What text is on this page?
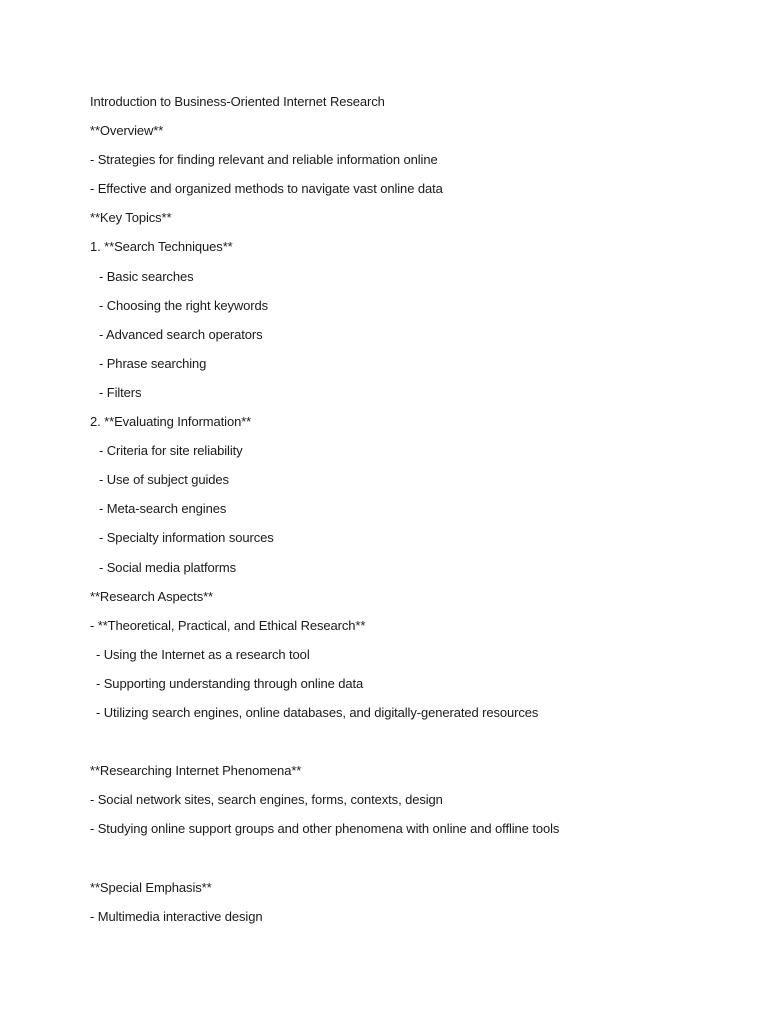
Introduction to Business-Oriented Internet Research
**Overview**
- Strategies for finding relevant and reliable information online
- Effective and organized methods to navigate vast online data
**Key Topics**
1. **Search Techniques**
- Basic searches
- Choosing the right keywords
- Advanced search operators
- Phrase searching
- Filters
2. **Evaluating Information**
- Criteria for site reliability
- Use of subject guides
- Meta-search engines
- Specialty information sources
- Social media platforms
**Research Aspects**
- **Theoretical, Practical, and Ethical Research**
- Using the Internet as a research tool
- Supporting understanding through online data
- Utilizing search engines, online databases, and digitally-generated resources
**Researching Internet Phenomena**
- Social network sites, search engines, forms, contexts, design
- Studying online support groups and other phenomena with online and offline tools
**Special Emphasis**
- Multimedia interactive design
